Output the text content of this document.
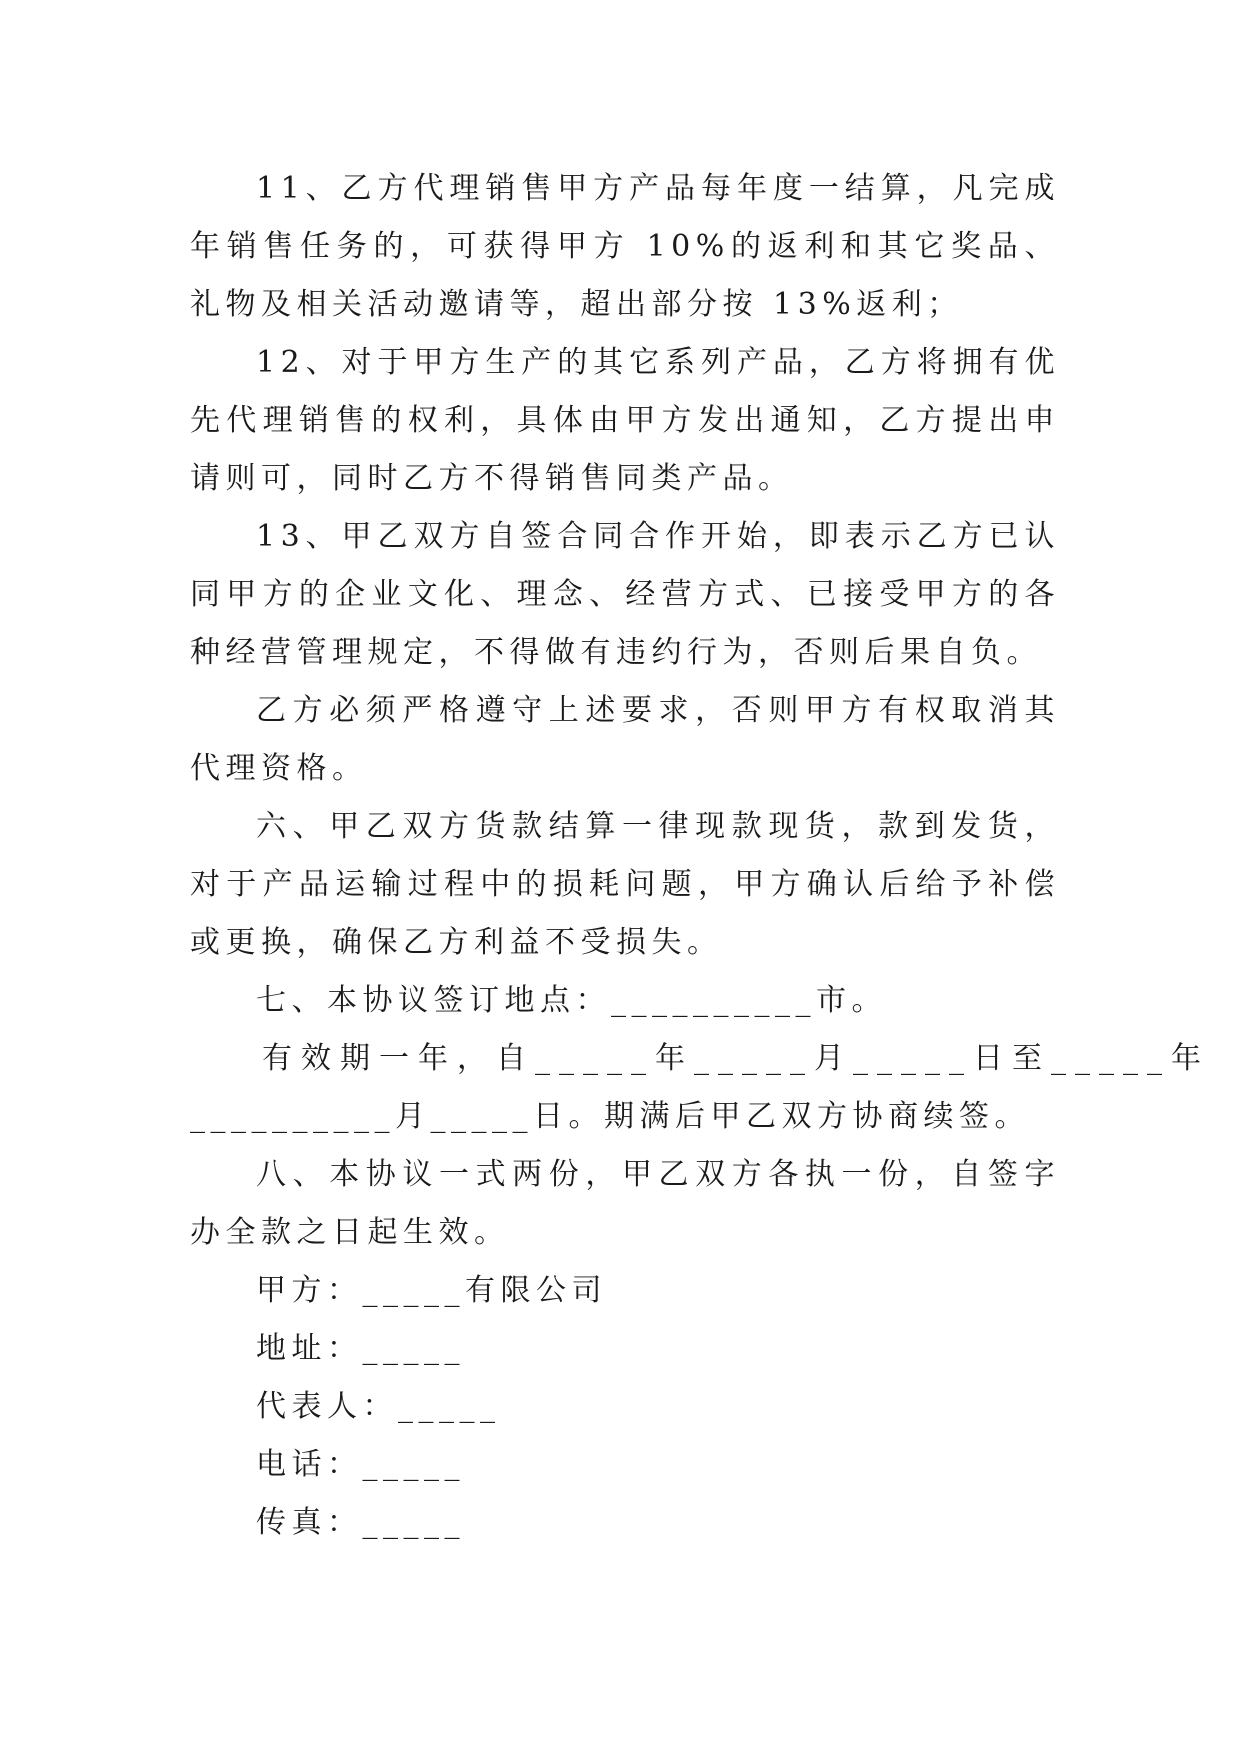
11、乙方代理销售甲方产品每年度一结算，凡完成年销售任务的，可获得甲方 10%的返利和其它奖品、礼物及相关活动邀请等，超出部分按 13%返利；

12、对于甲方生产的其它系列产品，乙方将拥有优先代理销售的权利，具体由甲方发出通知，乙方提出申请则可，同时乙方不得销售同类产品。

13、甲乙双方自签合同合作开始，即表示乙方已认同甲方的企业文化、理念、经营方式、已接受甲方的各种经营管理规定，不得做有违约行为，否则后果自负。

乙方必须严格遵守上述要求，否则甲方有权取消其代理资格。

六、甲乙双方货款结算一律现款现货，款到发货，对于产品运输过程中的损耗问题，甲方确认后给予补偿或更换，确保乙方利益不受损失。

七、本协议签订地点：__________市。

有效期一年，自_____年_____月_____日至_____年
__________月_____日。期满后甲乙双方协商续签。

八、本协议一式两份，甲乙双方各执一份，自签字办全款之日起生效。

甲方：_____有限公司
地址：_____
代表人：_____
电话：_____
传真：_____
